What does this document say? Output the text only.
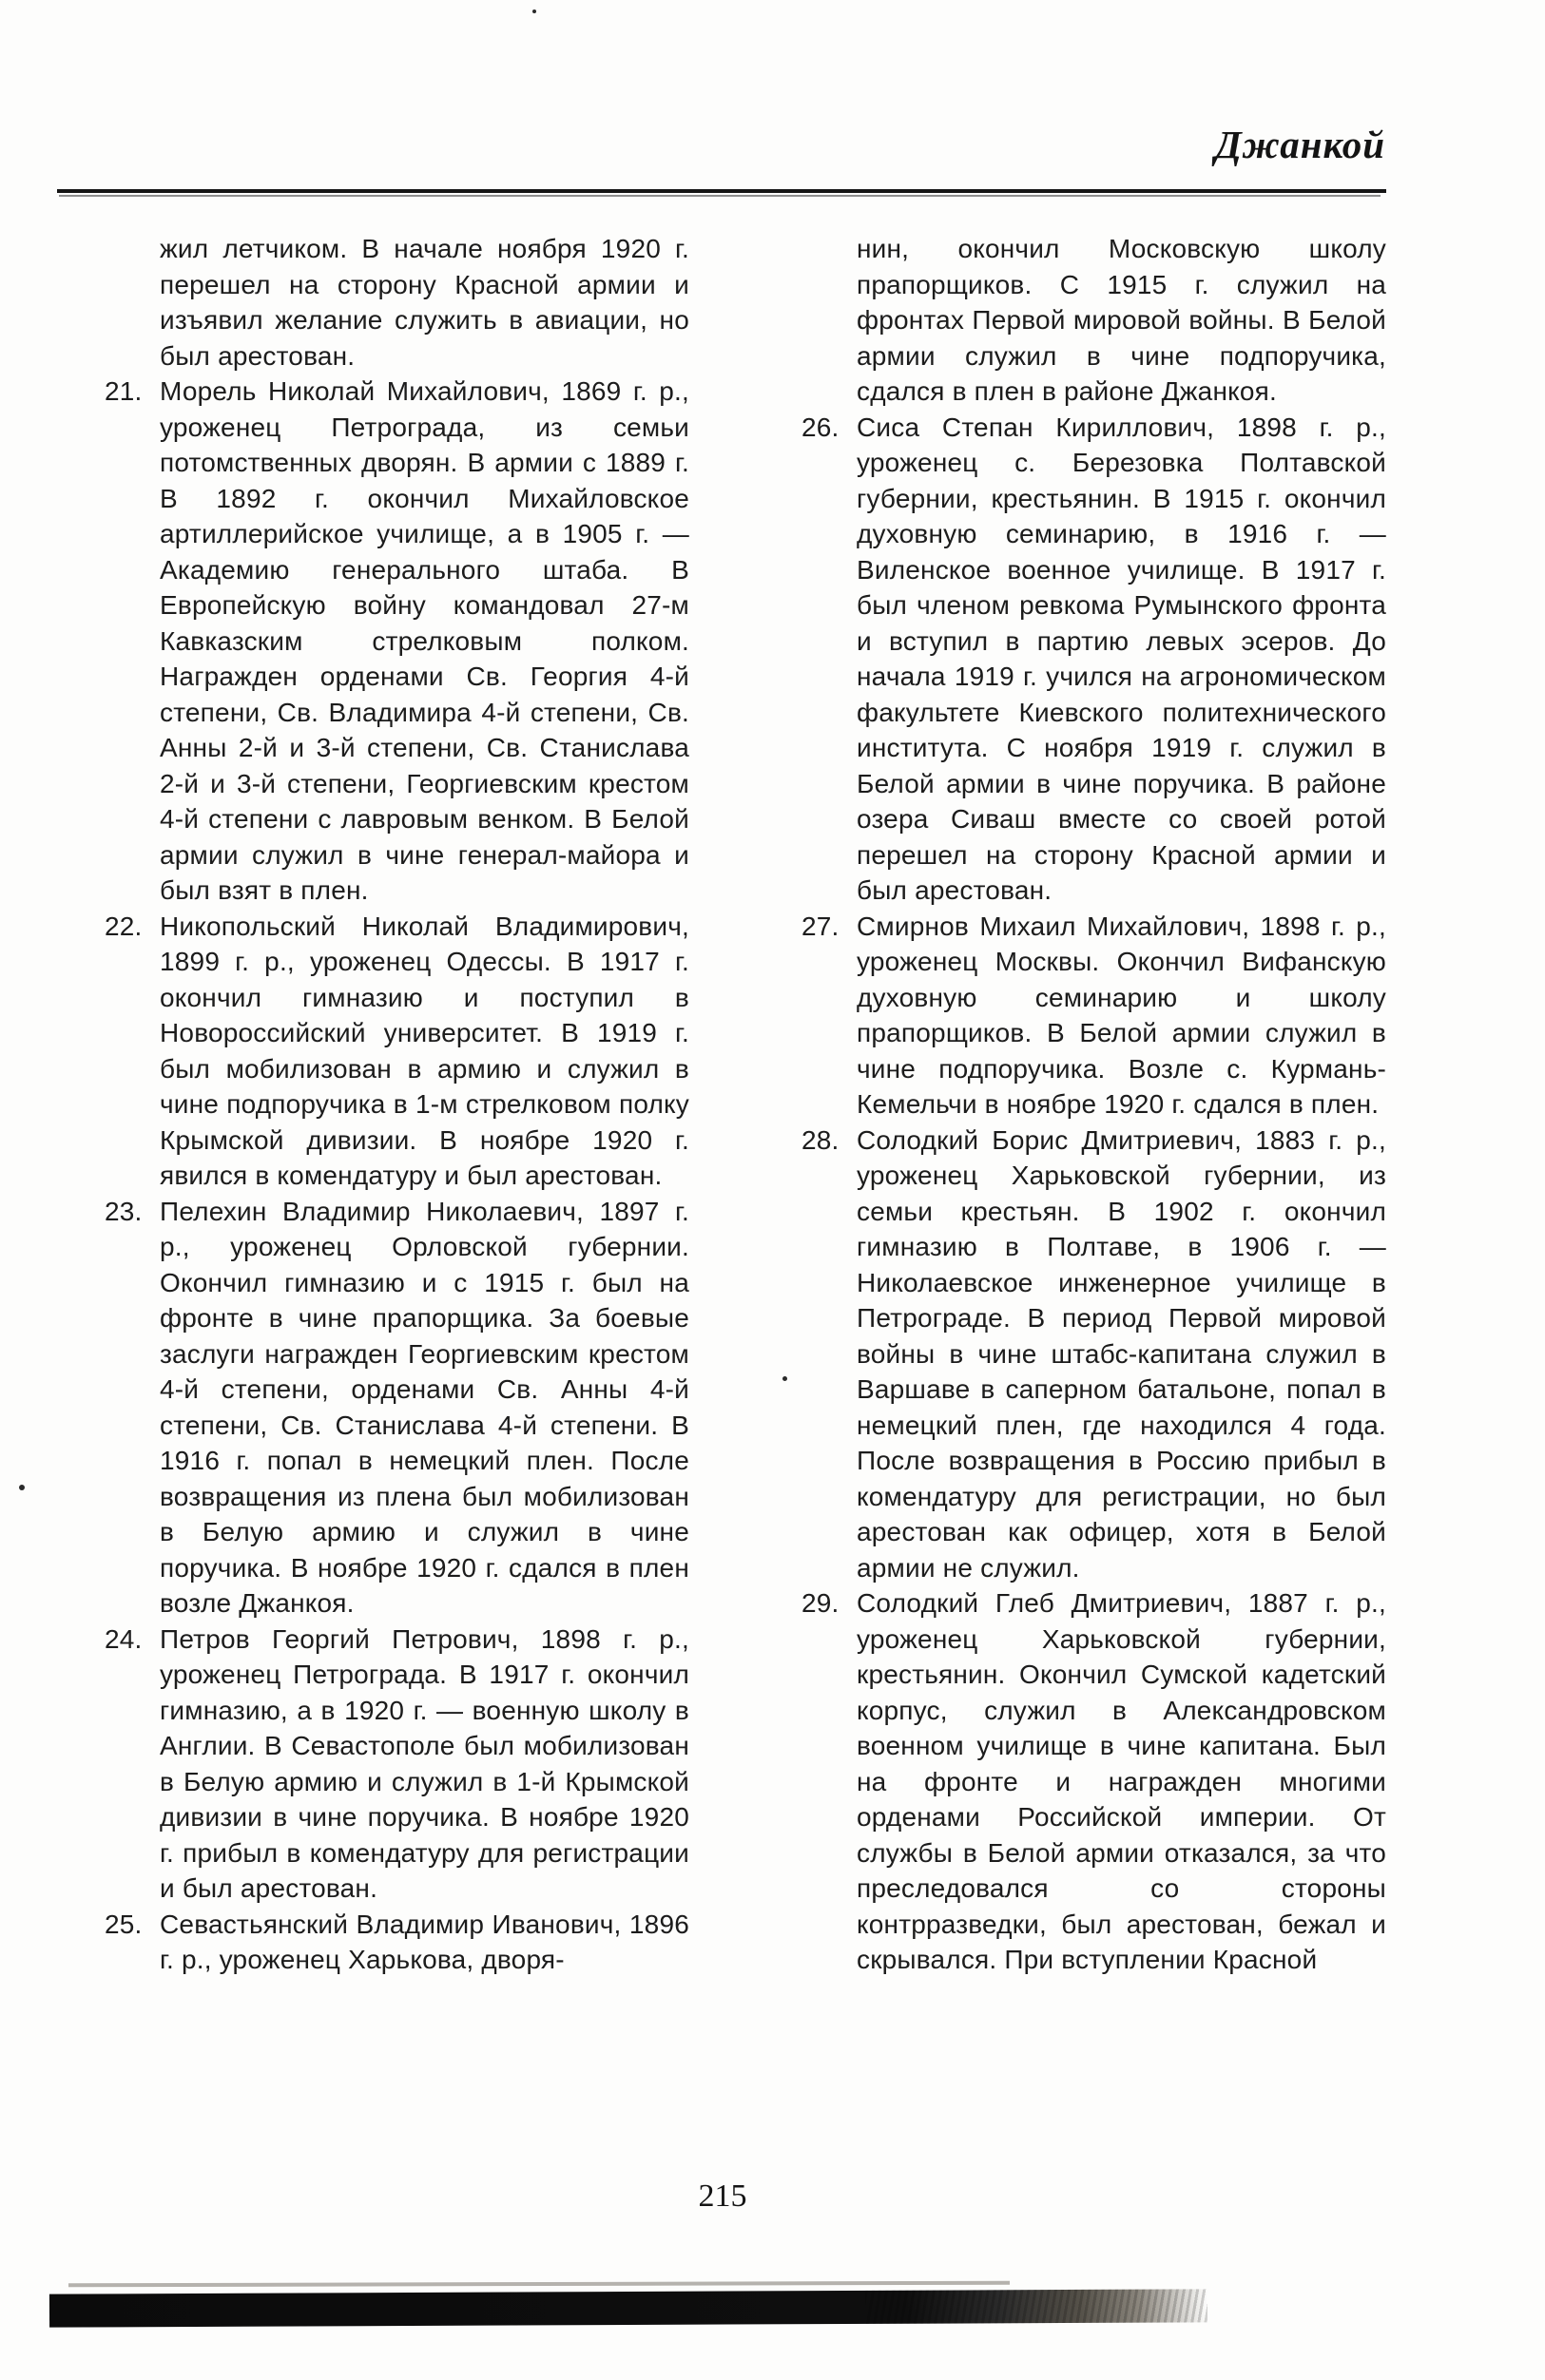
Джанкой

жил летчиком. В начале ноября 1920 г. перешел на сторону Красной армии и изъявил желание служить в авиации, но был арестован.

21. Морель Николай Михайлович, 1869 г. р., уроженец Петрограда, из семьи потомственных дворян. В армии с 1889 г. В 1892 г. окончил Михайловское артиллерийское училище, а в 1905 г. — Академию генерального штаба. В Европейскую войну командовал 27-м Кавказским стрелковым полком. Награжден орденами Св. Георгия 4-й степени, Св. Владимира 4-й степени, Св. Анны 2-й и 3-й степени, Св. Станислава 2-й и 3-й степени, Георгиевским крестом 4-й степени с лавровым венком. В Белой армии служил в чине генерал-майора и был взят в плен.
22. Никопольский Николай Владимирович, 1899 г. р., уроженец Одессы. В 1917 г. окончил гимназию и поступил в Новороссийский университет. В 1919 г. был мобилизован в армию и служил в чине подпоручика в 1-м стрелковом полку Крымской дивизии. В ноябре 1920 г. явился в комендатуру и был арестован.
23. Пелехин Владимир Николаевич, 1897 г. р., уроженец Орловской губернии. Окончил гимназию и с 1915 г. был на фронте в чине прапорщика. За боевые заслуги награжден Георгиевским крестом 4-й степени, орденами Св. Анны 4-й степени, Св. Станислава 4-й степени. В 1916 г. попал в немецкий плен. После возвращения из плена был мобилизован в Белую армию и служил в чине поручика. В ноябре 1920 г. сдался в плен возле Джанкоя.
24. Петров Георгий Петрович, 1898 г. р., уроженец Петрограда. В 1917 г. окончил гимназию, а в 1920 г. — военную школу в Англии. В Севастополе был мобилизован в Белую армию и служил в 1-й Крымской дивизии в чине поручика. В ноябре 1920 г. прибыл в комендатуру для регистрации и был арестован.
25. Севастьянский Владимир Иванович, 1896 г. р., уроженец Харькова, дворя-

нин, окончил Московскую школу прапорщиков. С 1915 г. служил на фронтах Первой мировой войны. В Белой армии служил в чине подпоручика, сдался в плен в районе Джанкоя.

26. Сиса Степан Кириллович, 1898 г. р., уроженец с. Березовка Полтавской губернии, крестьянин. В 1915 г. окончил духовную семинарию, в 1916 г. — Виленское военное училище. В 1917 г. был членом ревкома Румынского фронта и вступил в партию левых эсеров. До начала 1919 г. учился на агрономическом факультете Киевского политехнического института. С ноября 1919 г. служил в Белой армии в чине поручика. В районе озера Сиваш вместе со своей ротой перешел на сторону Красной армии и был арестован.
27. Смирнов Михаил Михайлович, 1898 г. р., уроженец Москвы. Окончил Вифанскую духовную семинарию и школу прапорщиков. В Белой армии служил в чине подпоручика. Возле с. Курмань-Кемельчи в ноябре 1920 г. сдался в плен.
28. Солодкий Борис Дмитриевич, 1883 г. р., уроженец Харьковской губернии, из семьи крестьян. В 1902 г. окончил гимназию в Полтаве, в 1906 г. — Николаевское инженерное училище в Петрограде. В период Первой мировой войны в чине штабс-капитана служил в Варшаве в саперном батальоне, попал в немецкий плен, где находился 4 года. После возвращения в Россию прибыл в комендатуру для регистрации, но был арестован как офицер, хотя в Белой армии не служил.
29. Солодкий Глеб Дмитриевич, 1887 г. р., уроженец Харьковской губернии, крестьянин. Окончил Сумской кадетский корпус, служил в Александровском военном училище в чине капитана. Был на фронте и награжден многими орденами Российской империи. От службы в Белой армии отказался, за что преследовался со стороны контрразведки, был арестован, бежал и скрывался. При вступлении Красной
215
